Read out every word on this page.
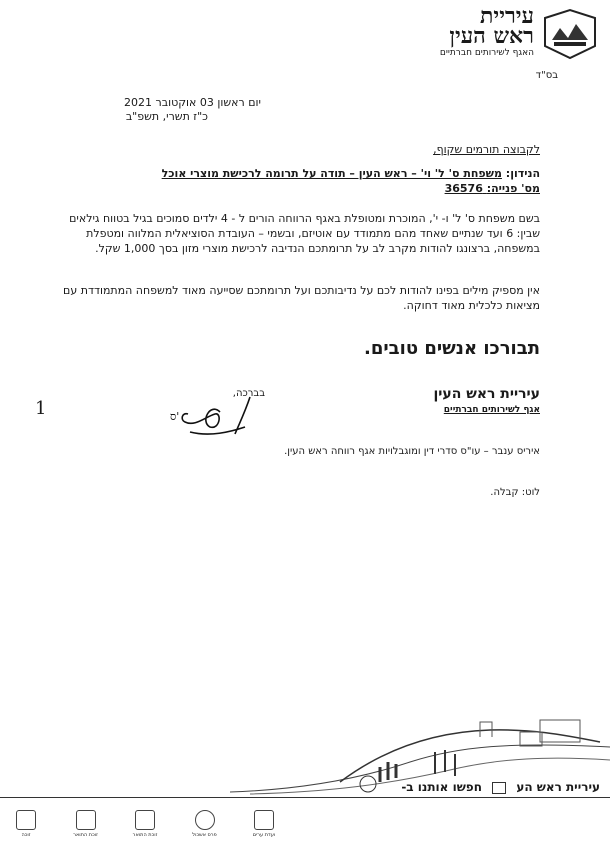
עיריית
ראש העין
האגף לשירותים חברתיים
בס"ד
יום ראשון 03 אוקטובר 2021
כ"ז תשרי, תשפ"ב
לקבוצה תורמים שקוף,
הנידון: משפחת ס' ל' וי' – ראש העין – תודה על תרומה לרכישת מוצרי אוכל
מס' פנייה: 36576
בשם משפחת ס' ל' ו- י', המוכרת ומטופלת באגף הרווחה הורים ל - 4 ילדים סמוכים בגיל בטווח גילאים שבין: 6 ועד שנתיים שאחד מהם מתמודד עם אוטיזם, ובשמי – העובדת הסוציאלית המלווה ומטפלת במשפחה, ברצונגו להודות מקרב לב על תרומתכם הנדיבה לרכישת מוצרי מזון בסך 1,000 שקל.
אין מספיק מילים בפינו להודות לכם על נדיבותכם ועל תרומתכם שסייעה מאוד למשפחה המתמודדת עם מציאות כלכלית מאוד דחוקה.
תבורכו אנשים טובים.
עיריית ראש העין
אגף לשירותים חברתיים
בברכה,
ס'
1
איריס ענבר – עו"ס סדרי דין ומוגבלויות אגף רווחה ראש העין.
לוט: קבלה.
עיריית ראש הע  חפשו אותנו ב-
ועדת ערים
פרס אשכול
זוכת התואר
זוכת התואר
זוכה
